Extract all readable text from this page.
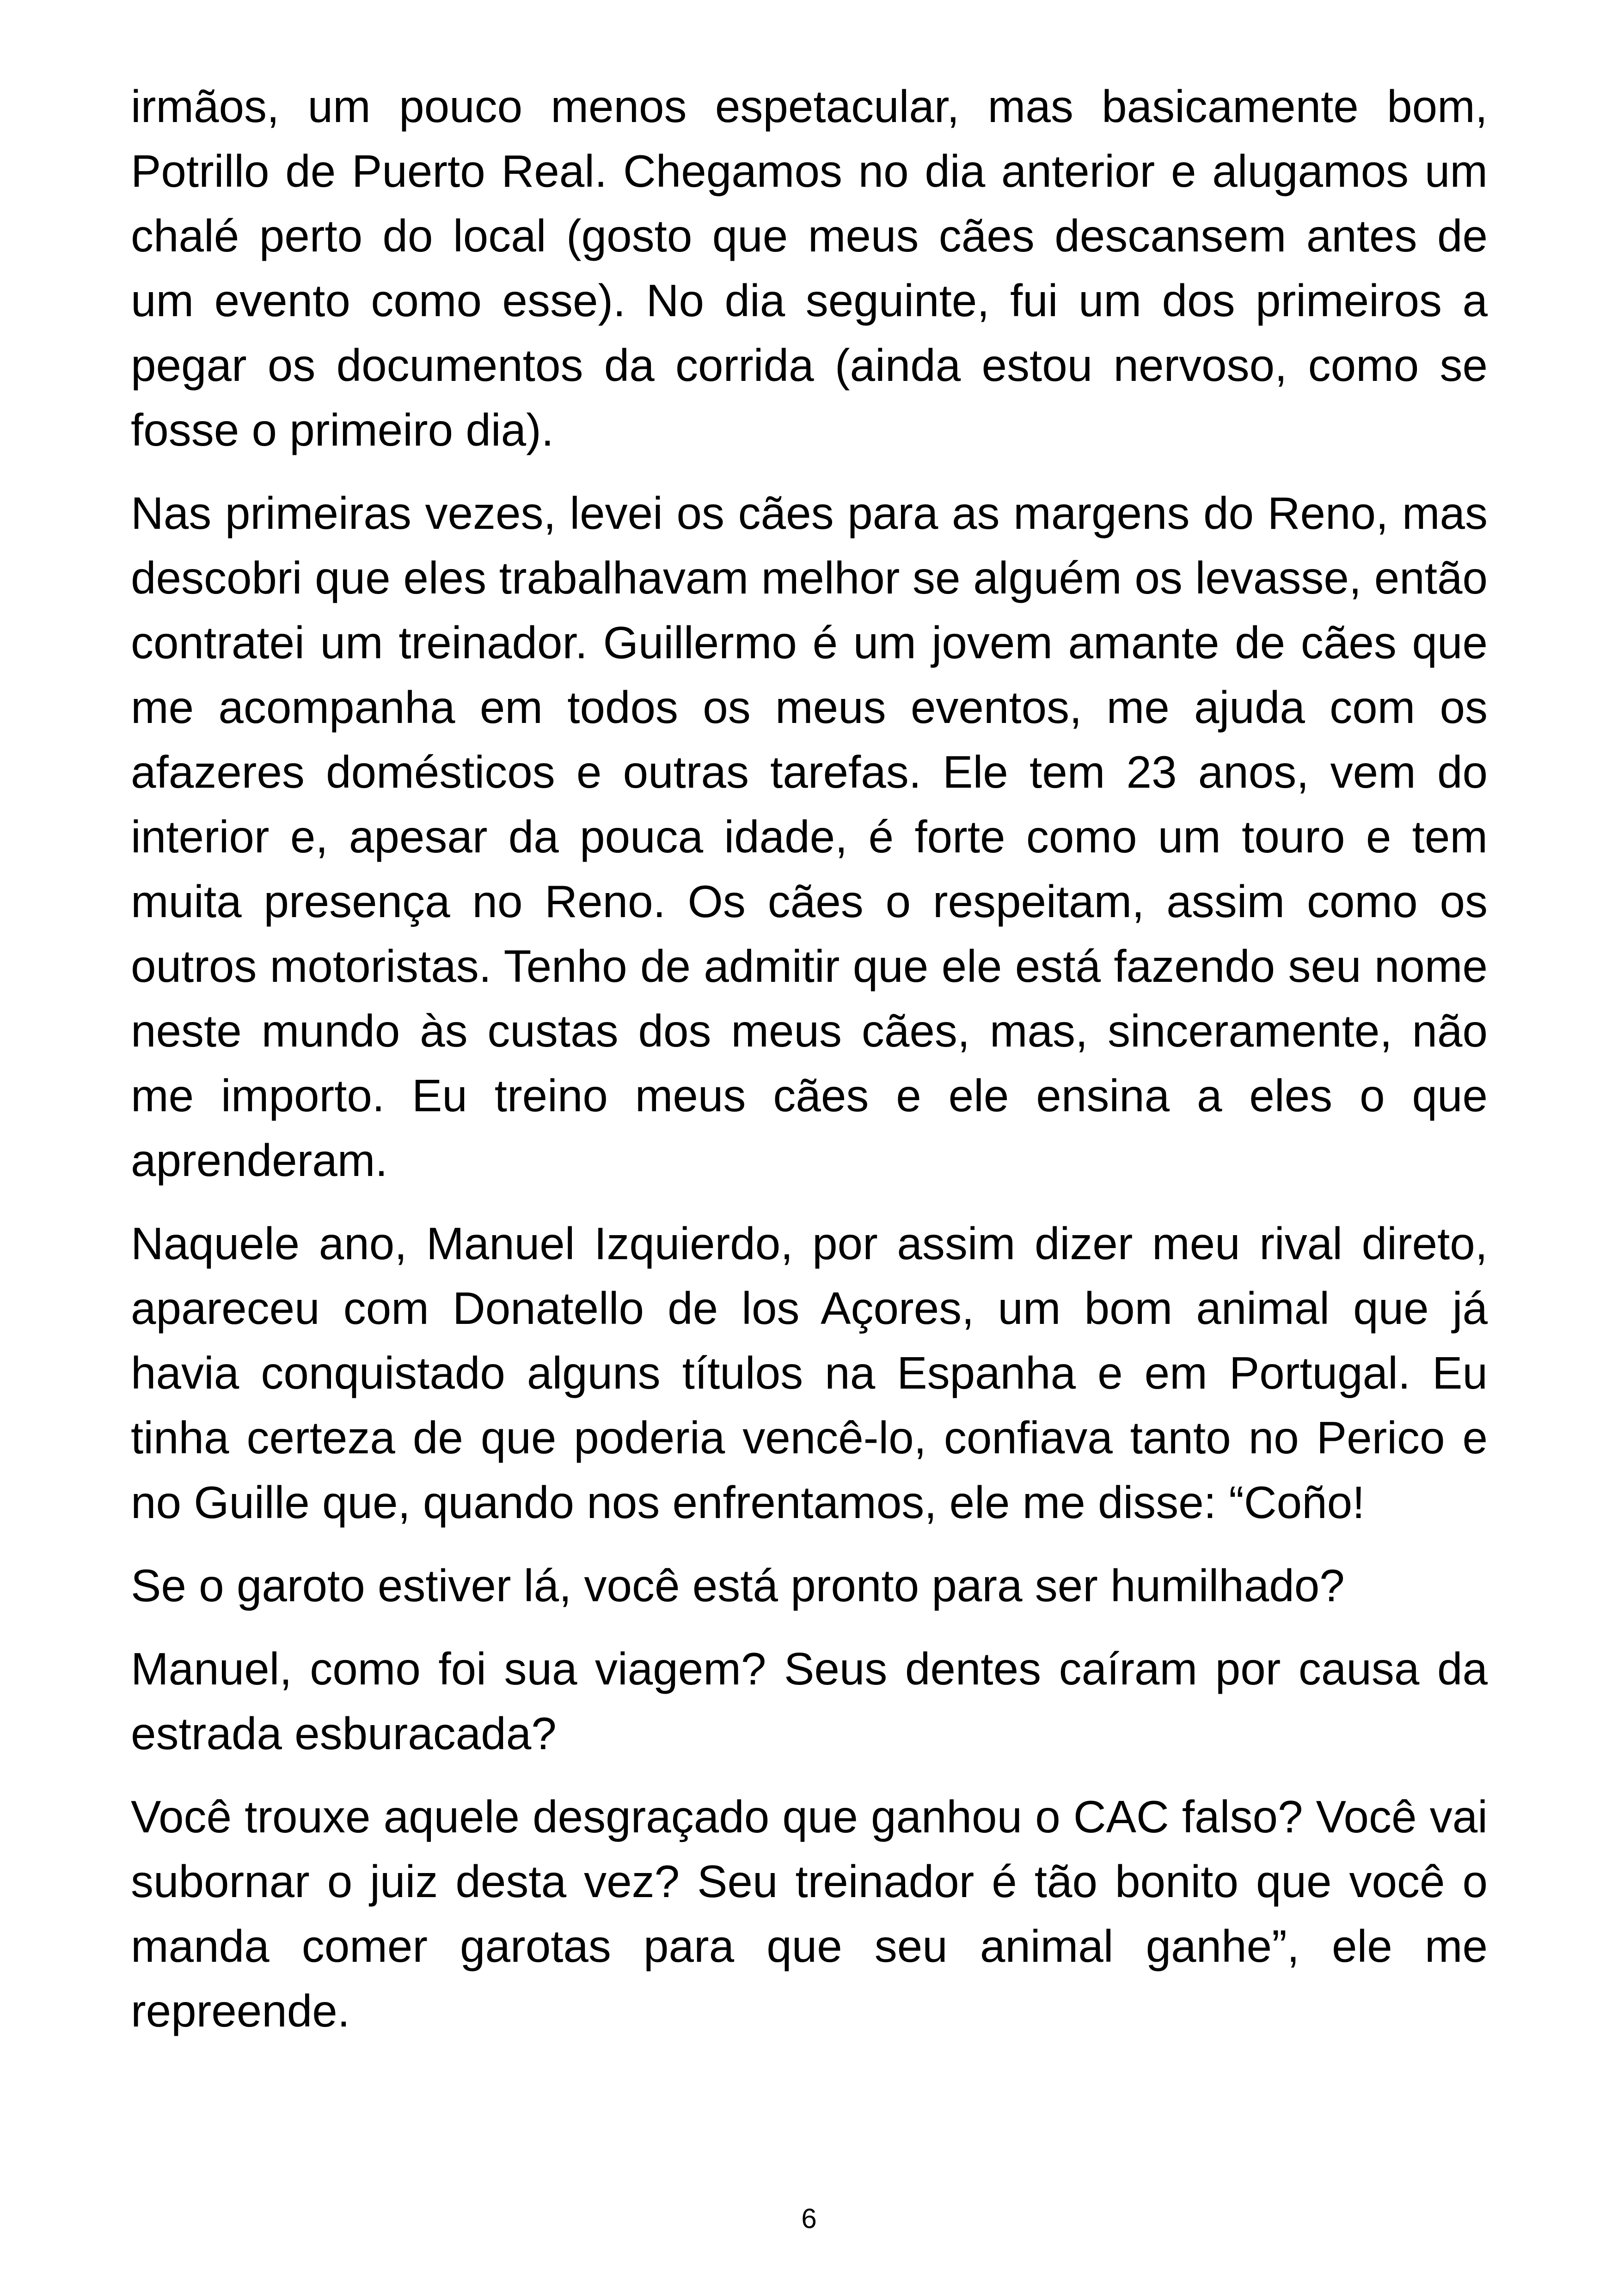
irmãos, um pouco menos espetacular, mas basicamente bom, Potrillo de Puerto Real. Chegamos no dia anterior e alugamos um chalé perto do local (gosto que meus cães descansem antes de um evento como esse). No dia seguinte, fui um dos primeiros a pegar os documentos da corrida (ainda estou nervoso, como se fosse o primeiro dia).

Nas primeiras vezes, levei os cães para as margens do Reno, mas descobri que eles trabalhavam melhor se alguém os levasse, então contratei um treinador. Guillermo é um jovem amante de cães que me acompanha em todos os meus eventos, me ajuda com os afazeres domésticos e outras tarefas. Ele tem 23 anos, vem do interior e, apesar da pouca idade, é forte como um touro e tem muita presença no Reno. Os cães o respeitam, assim como os outros motoristas. Tenho de admitir que ele está fazendo seu nome neste mundo às custas dos meus cães, mas, sinceramente, não me importo. Eu treino meus cães e ele ensina a eles o que aprenderam.

Naquele ano, Manuel Izquierdo, por assim dizer meu rival direto, apareceu com Donatello de los Açores, um bom animal que já havia conquistado alguns títulos na Espanha e em Portugal. Eu tinha certeza de que poderia vencê-lo, confiava tanto no Perico e no Guille que, quando nos enfrentamos, ele me disse: “Coño!

Se o garoto estiver lá, você está pronto para ser humilhado?

Manuel, como foi sua viagem? Seus dentes caíram por causa da estrada esburacada?

Você trouxe aquele desgraçado que ganhou o CAC falso? Você vai subornar o juiz desta vez? Seu treinador é tão bonito que você o manda comer garotas para que seu animal ganhe”, ele me repreende.

6
